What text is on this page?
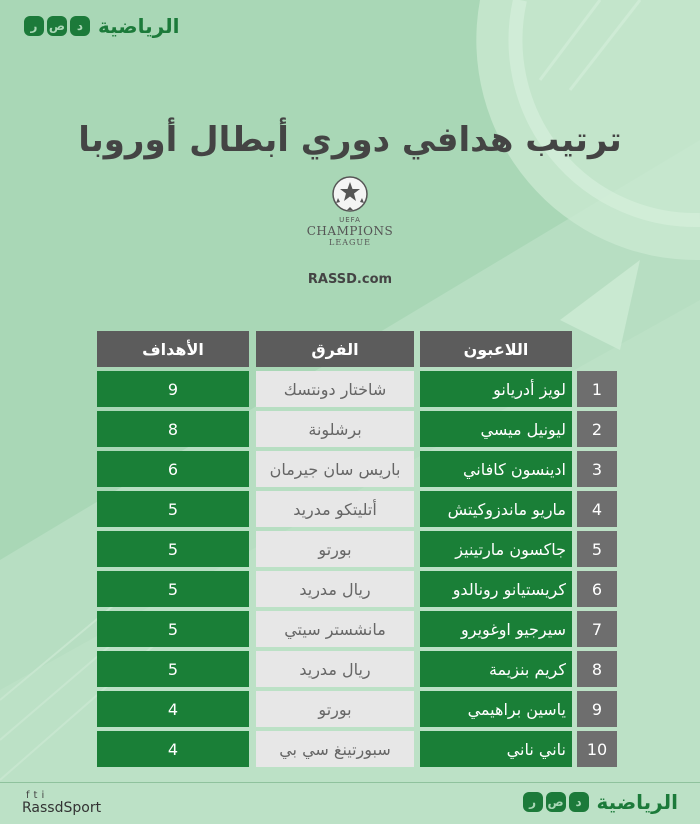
الرياضية
ر ص د
ترتيب هدافي دوري أبطال أوروبا
UEFA
CHAMPIONS
LEAGUE
RASSD.com
اللاعبون
الفرق
الأهداف
1
لويز أدريانو
شاختار دونتسك
9
2
ليونيل ميسي
برشلونة
8
3
ادينسون كافاني
باريس سان جيرمان
6
4
ماريو ماندزوكيتش
أتليتكو مدريد
5
5
جاكسون مارتينيز
بورتو
5
6
كريستيانو رونالدو
ريال مدريد
5
7
سيرجيو اوغويرو
مانشستر سيتي
5
8
كريم بنزيمة
ريال مدريد
5
9
ياسين براهيمي
بورتو
4
10
ناني ناني
سبورتينغ سي بي
4
f t i
RassdSport	الرياضية
ر ص د
